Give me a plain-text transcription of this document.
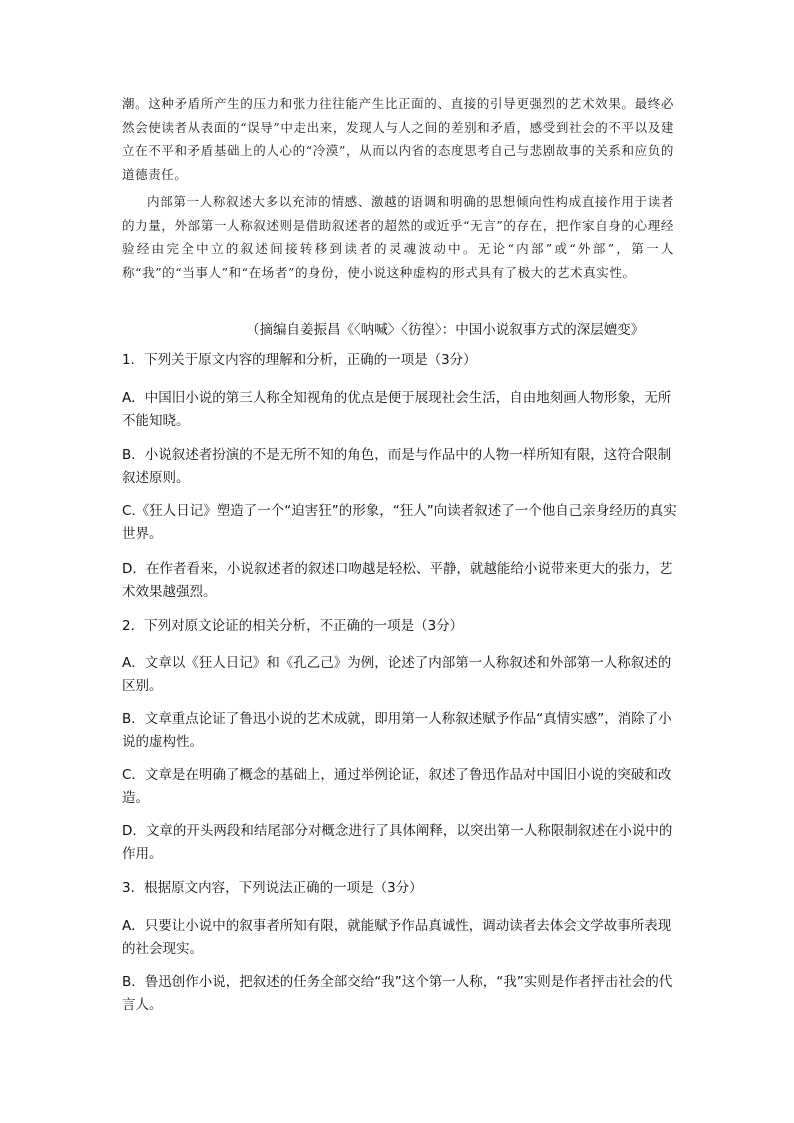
潮。这种矛盾所产生的压力和张力往往能产生比正面的、直接的引导更强烈的艺术效果。最终必然会使读者从表面的“误导”中走出来，发现人与人之间的差别和矛盾，感受到社会的不平以及建立在不平和矛盾基础上的人心的“冷漠”，从而以内省的态度思考自己与悲剧故事的关系和应负的道德责任。
内部第一人称叙述大多以充沛的情感、激越的语调和明确的思想倾向性构成直接作用于读者的力量，外部第一人称叙述则是借助叙述者的超然的或近乎“无言”的存在，把作家自身的心理经验经由完全中立的叙述间接转移到读者的灵魂波动中。无论“内部”或“外部”，第一人称“我”的“当事人”和“在场者”的身份，使小说这种虚构的形式具有了极大的艺术真实性。
（摘编自姜振昌《〈呐喊〉〈彷徨〉：中国小说叙事方式的深层嬗变》
1．下列关于原文内容的理解和分析，正确的一项是（3分）
A．中国旧小说的第三人称全知视角的优点是便于展现社会生活，自由地刻画人物形象，无所不能知晓。
B．小说叙述者扮演的不是无所不知的角色，而是与作品中的人物一样所知有限，这符合限制叙述原则。
C.《狂人日记》塑造了一个“迫害狂”的形象，“狂人”向读者叙述了一个他自己亲身经历的真实世界。
D．在作者看来，小说叙述者的叙述口吻越是轻松、平静，就越能给小说带来更大的张力，艺术效果越强烈。
2．下列对原文论证的相关分析，不正确的一项是（3分）
A．文章以《狂人日记》和《孔乙己》为例，论述了内部第一人称叙述和外部第一人称叙述的区别。
B．文章重点论证了鲁迅小说的艺术成就，即用第一人称叙述赋予作品“真情实感”，消除了小说的虚构性。
C．文章是在明确了概念的基础上，通过举例论证，叙述了鲁迅作品对中国旧小说的突破和改造。
D．文章的开头两段和结尾部分对概念进行了具体阐释，以突出第一人称限制叙述在小说中的作用。
3．根据原文内容，下列说法正确的一项是（3分）
A．只要让小说中的叙事者所知有限，就能赋予作品真诚性，调动读者去体会文学故事所表现的社会现实。
B．鲁迅创作小说，把叙述的任务全部交给“我”这个第一人称，“我”实则是作者抨击社会的代言人。
